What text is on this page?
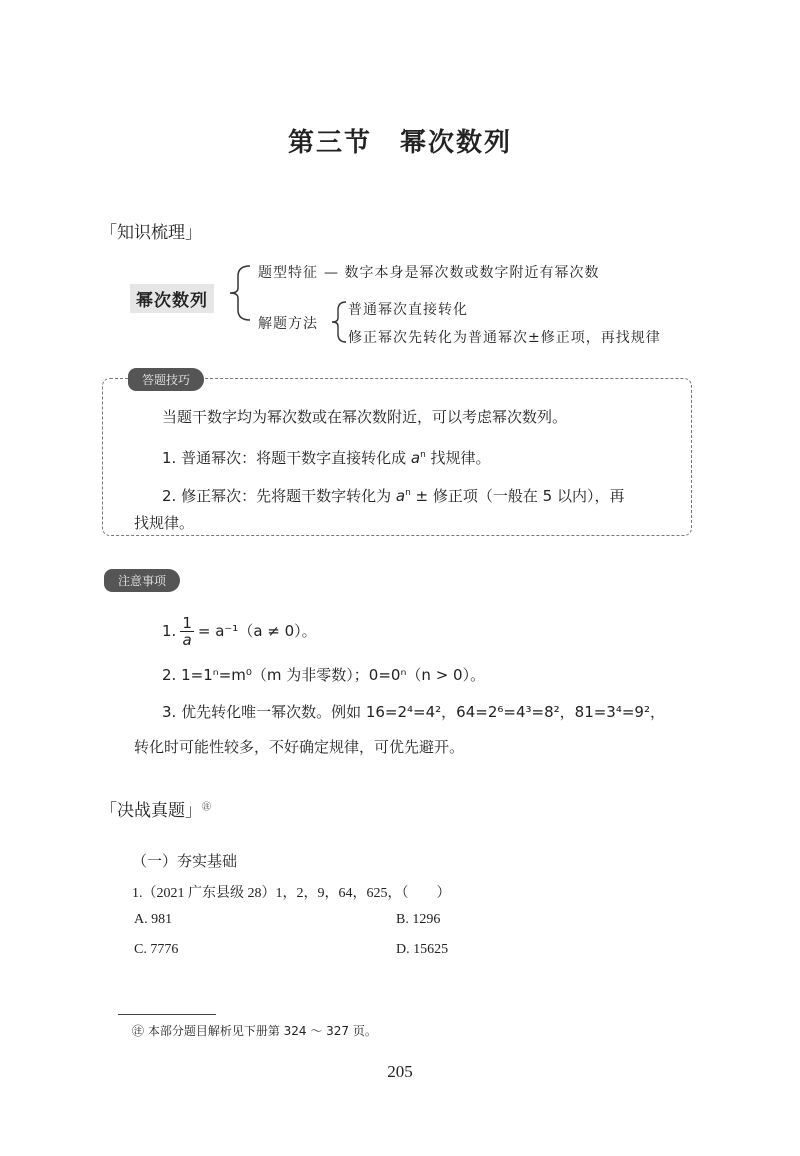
第三节　幂次数列
「知识梳理」
幂次数列
题型特征 — 数字本身是幂次数或数字附近有幂次数
解题方法
普通幂次直接转化
修正幂次先转化为普通幂次±修正项，再找规律
答题技巧
当题干数字均为幂次数或在幂次数附近，可以考虑幂次数列。
1. 普通幂次：将题干数字直接转化成 $a^n$ 找规律。
2. 修正幂次：先将题干数字转化为 $a^n$ ± 修正项（一般在 5 以内），再
找规律。
注意事项
1. $\frac{1}{a} = a^{-1}(a \ne 0)$。
2. 1=1ⁿ=m⁰（m 为非零数）；0=0ⁿ（n > 0）。
3. 优先转化唯一幂次数。例如 16=2⁴=4²，64=2⁶=4³=8²，81=3⁴=9²，
转化时可能性较多，不好确定规律，可优先避开。
「决战真题」㊟
（一）夯实基础
1.（2021 广东县级 28）1，2，9，64，625，（　　）
A. 981	B. 1296
C. 7776	D. 15625
㊟ 本部分题目解析见下册第 324 ～ 327 页。
205
